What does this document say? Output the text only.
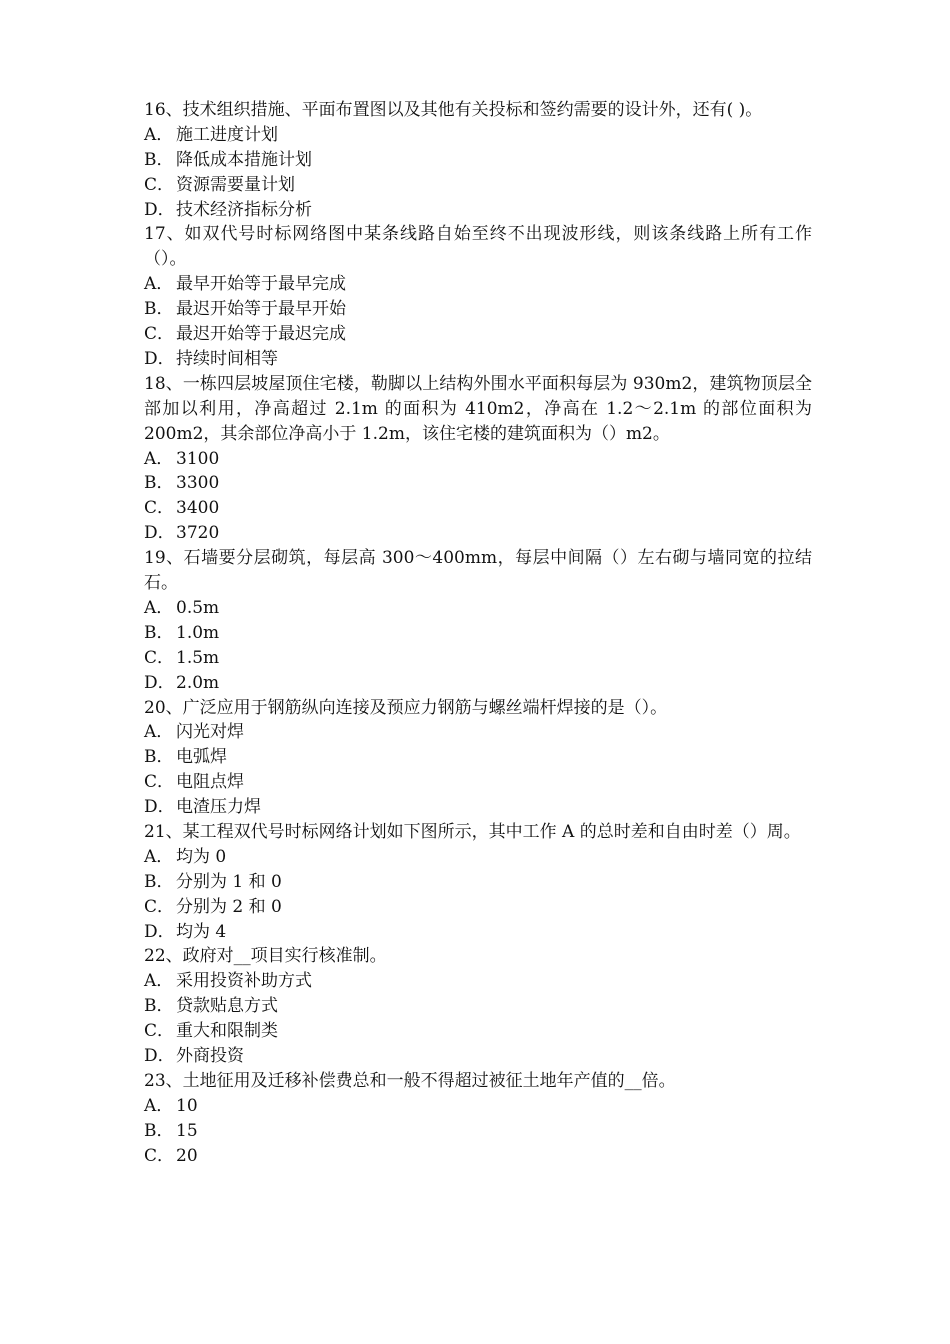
16、技术组织措施、平面布置图以及其他有关投标和签约需要的设计外，还有( )。
A． 施工进度计划
B． 降低成本措施计划
C． 资源需要量计划
D．技术经济指标分析
17、如双代号时标网络图中某条线路自始至终不出现波形线，则该条线路上所有工作（）。
A． 最早开始等于最早完成
B． 最迟开始等于最早开始
C． 最迟开始等于最迟完成
D．持续时间相等
18、一栋四层坡屋顶住宅楼，勒脚以上结构外围水平面积每层为 930m2，建筑物顶层全部加以利用，净高超过 2.1m 的面积为 410m2，净高在 1.2～2.1m 的部位面积为 200m2，其余部位净高小于 1.2m，该住宅楼的建筑面积为（）m2。
A． 3100
B． 3300
C． 3400
D．3720
19、石墙要分层砌筑，每层高 300～400mm，每层中间隔（）左右砌与墙同宽的拉结石。
A． 0.5m
B． 1.0m
C． 1.5m
D．2.0m
20、广泛应用于钢筋纵向连接及预应力钢筋与螺丝端杆焊接的是（）。
A． 闪光对焊
B． 电弧焊
C． 电阻点焊
D．电渣压力焊
21、某工程双代号时标网络计划如下图所示，其中工作 A 的总时差和自由时差（）周。
A． 均为 0
B． 分别为 1 和 0
C． 分别为 2 和 0
D．均为 4
22、政府对__项目实行核准制。
A． 采用投资补助方式
B． 贷款贴息方式
C． 重大和限制类
D．外商投资
23、土地征用及迁移补偿费总和一般不得超过被征土地年产值的__倍。
A． 10
B． 15
C． 20
